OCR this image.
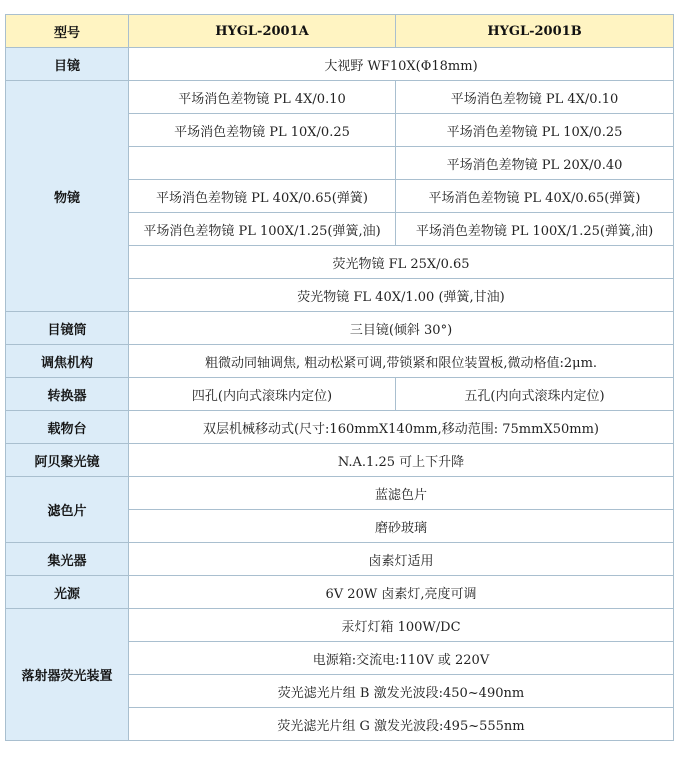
型号	HYGL-2001A	HYGL-2001B
目镜	大视野 WF10X(Φ18mm)	
物镜	平场消色差物镜 PL 4X/0.10	平场消色差物镜 PL 4X/0.10
	平场消色差物镜 PL 10X/0.25	平场消色差物镜 PL 10X/0.25
		平场消色差物镜 PL 20X/0.40
	平场消色差物镜 PL 40X/0.65(弹簧)	平场消色差物镜 PL 40X/0.65(弹簧)
	平场消色差物镜 PL 100X/1.25(弹簧,油)	平场消色差物镜 PL 100X/1.25(弹簧,油)
	荧光物镜 FL 25X/0.65	
	荧光物镜 FL 40X/1.00 (弹簧,甘油)	
目镜筒	三目镜(倾斜 30°)	
调焦机构	粗微动同轴调焦, 粗动松紧可调,带锁紧和限位装置板,微动格值:2μm.	
转换器	四孔(内向式滚珠内定位)	五孔(内向式滚珠内定位)
载物台	双层机械移动式(尺寸:160mmX140mm,移动范围: 75mmX50mm)	
阿贝聚光镜	N.A.1.25 可上下升降	
滤色片	蓝滤色片	
	磨砂玻璃	
集光器	卤素灯适用	
光源	6V 20W 卤素灯,亮度可调	
落射器荧光装置	汞灯灯箱 100W/DC	
	电源箱:交流电:110V 或 220V	
	荧光滤光片组 B 激发光波段:450~490nm	
	荧光滤光片组 G 激发光波段:495~555nm	
